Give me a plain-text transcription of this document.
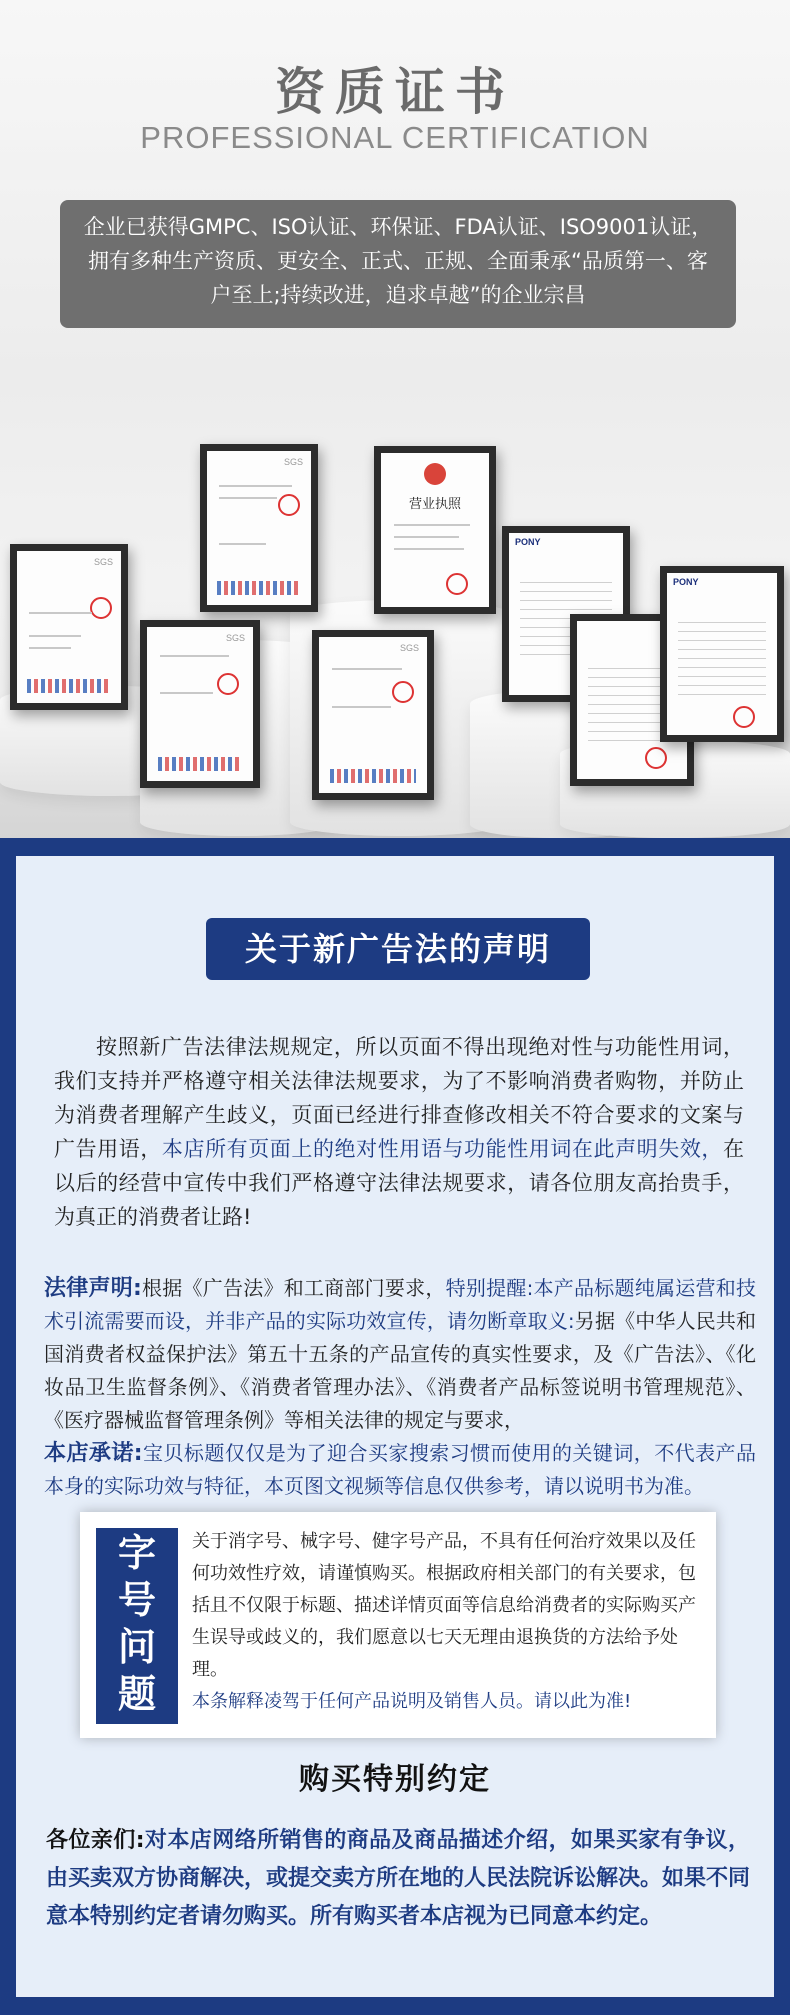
资质证书
PROFESSIONAL CERTIFICATION

企业已获得GMPC、ISO认证、环保证、FDA认证、ISO9001认证，拥有多种生产资质、更安全、正式、正规、全面秉承“品质第一、客户至上;持续改进，追求卓越”的企业宗昌

SGS
SGS
SGS
营业执照
SGS
PONY
PONY
关于新广告法的声明

按照新广告法律法规规定，所以页面不得出现绝对性与功能性用词，我们支持并严格遵守相关法律法规要求，为了不影响消费者购物，并防止为消费者理解产生歧义，页面已经进行排查修改相关不符合要求的文案与广告用语，本店所有页面上的绝对性用语与功能性用词在此声明失效，在以后的经营中宣传中我们严格遵守法律法规要求，请各位朋友高抬贵手，为真正的消费者让路!

法律声明:根据《广告法》和工商部门要求，特别提醒:本产品标题纯属运营和技术引流需要而设，并非产品的实际功效宣传，请勿断章取义:另据《中华人民共和国消费者权益保护法》第五十五条的产品宣传的真实性要求，及《广告法》、《化妆品卫生监督条例》、《消费者管理办法》、《消费者产品标签说明书管理规范》、《医疗器械监督管理条例》等相关法律的规定与要求，
本店承诺:宝贝标题仅仅是为了迎合买家搜索习惯而使用的关键词，不代表产品本身的实际功效与特征，本页图文视频等信息仅供参考，请以说明书为准。

字
号
问
题

关于消字号、械字号、健字号产品，不具有任何治疗效果以及任何功效性疗效，请谨慎购买。根据政府相关部门的有关要求，包括且不仅限于标题、描述详情页面等信息给消费者的实际购买产生误导或歧义的，我们愿意以七天无理由退换货的方法给予处理。
本条解释凌驾于任何产品说明及销售人员。请以此为准!

购买特别约定

各位亲们:对本店网络所销售的商品及商品描述介绍，如果买家有争议，由买卖双方协商解决，或提交卖方所在地的人民法院诉讼解决。如果不同意本特别约定者请勿购买。所有购买者本店视为已同意本约定。
